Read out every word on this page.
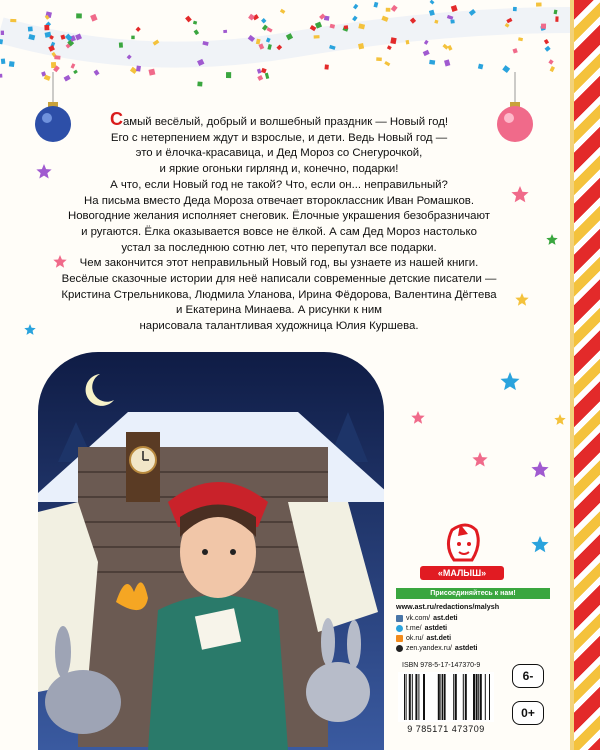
Самый весёлый, добрый и волшебный праздник — Новый год!

Его с нетерпением ждут и взрослые, и дети. Ведь Новый год —

это и ёлочка-красавица, и Дед Мороз со Снегурочкой,

и яркие огоньки гирлянд и, конечно, подарки!

А что, если Новый год не такой? Что, если он... неправильный?

На письма вместо Деда Мороза отвечает второклассник Иван Ромашков.

Новогодние желания исполняет снеговик. Ёлочные украшения безобразничают

и ругаются. Ёлка оказывается вовсе не ёлкой. А сам Дед Мороз настолько

устал за последнюю сотню лет, что перепутал все подарки.

Чем закончится этот неправильный Новый год, вы узнаете из нашей книги.

Весёлые сказочные истории для неё написали современные детские писатели —

Кристина Стрельникова, Людмила Уланова, Ирина Фёдорова, Валентина Дёгтева

и Екатерина Минаева. А рисунки к ним

нарисовала талантливая художница Юлия Куршева.

«МАЛЫШ»
Присоединяйтесь к нам!
www.ast.ru/redactions/malysh
vk.com/ ast.deti
t.me/ astdeti
ok.ru/ ast.deti
zen.yandex.ru/ astdeti
ISBN 978-5-17-147370-9
9 785171 473709
6-
0+
